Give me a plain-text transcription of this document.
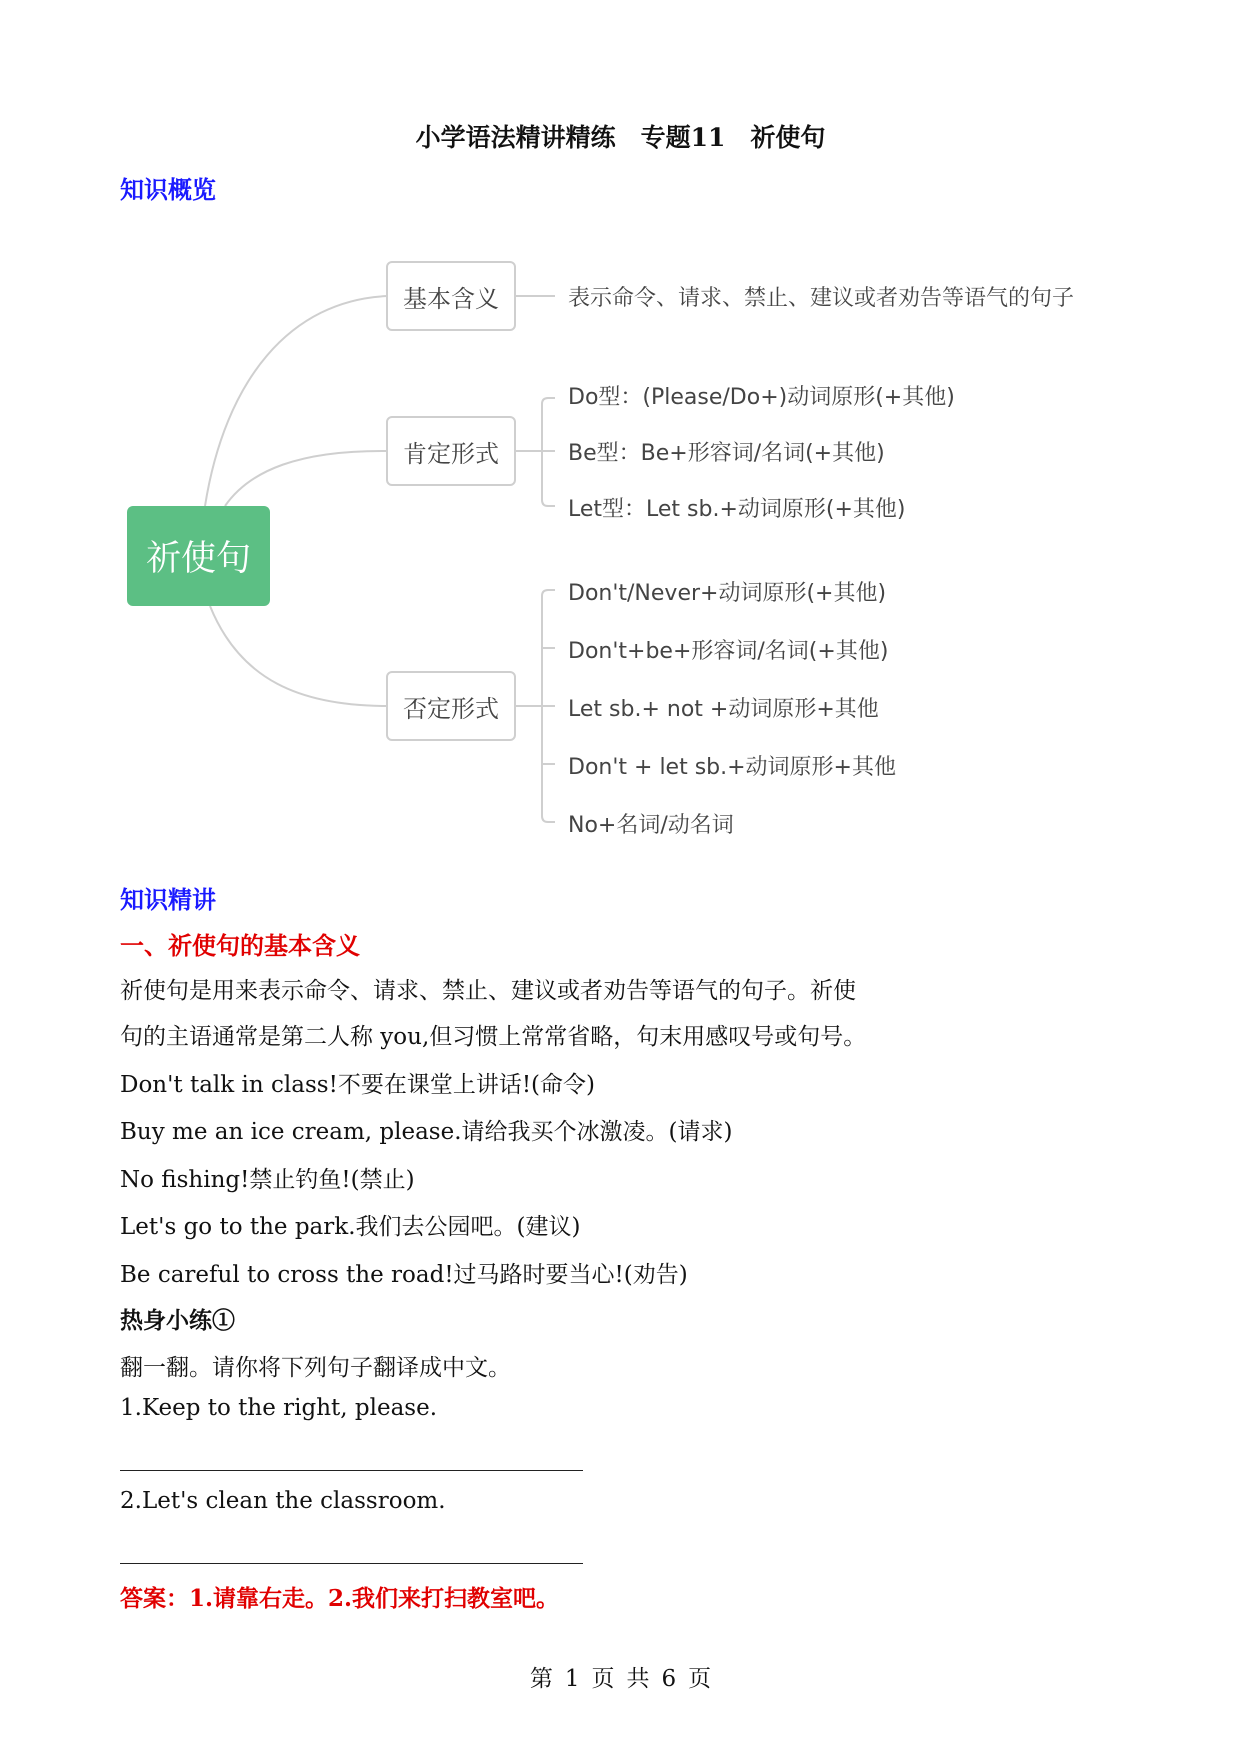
小学语法精讲精练　专题11　祈使句
知识概览
祈使句
基本含义	表示命令、请求、禁止、建议或者劝告等语气的句子
肯定形式
Do型：(Please/Do+)动词原形(+其他)
Be型：Be+形容词/名词(+其他)
Let型：Let sb.+动词原形(+其他)
否定形式
Don't/Never+动词原形(+其他)
Don't+be+形容词/名词(+其他)
Let sb.+ not +动词原形+其他
Don't + let sb.+动词原形+其他
No+名词/动名词
知识精讲
一、祈使句的基本含义
祈使句是用来表示命令、请求、禁止、建议或者劝告等语气的句子。祈使
句的主语通常是第二人称 you,但习惯上常常省略，句末用感叹号或句号。
Don't talk in class!不要在课堂上讲话!(命令)
Buy me an ice cream, please.请给我买个冰激凌。(请求)
No fishing!禁止钓鱼!(禁止)
Let's go to the park.我们去公园吧。(建议)
Be careful to cross the road!过马路时要当心!(劝告)
热身小练①
翻一翻。请你将下列句子翻译成中文。
1.Keep to the right, please.
2.Let's clean the classroom.
答案：1.请靠右走。2.我们来打扫教室吧。
第 1 页 共 6 页
